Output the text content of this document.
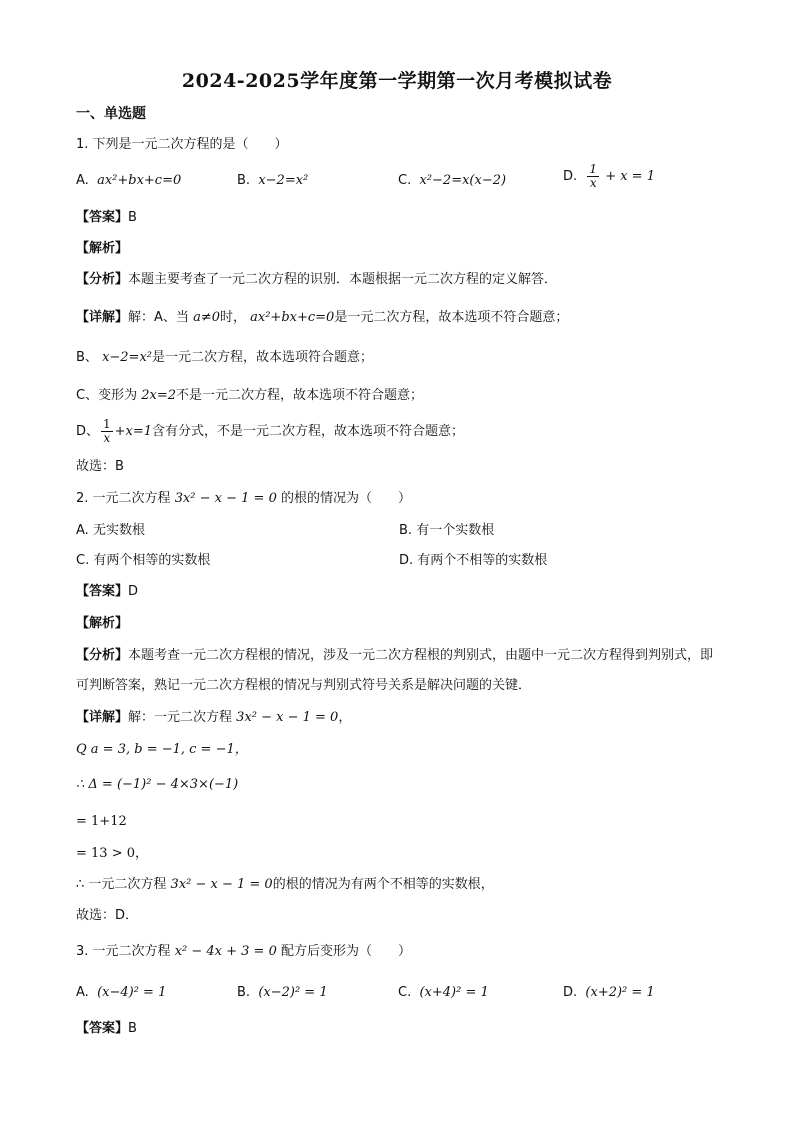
2024-2025学年度第一学期第一次月考模拟试卷
一、单选题
1. 下列是一元二次方程的是（　　）
A. ax²+bx+c=0	B. x−2=x²	C. x²−2=x(x−2)	D. $\frac{1}{x} + x = 1$
【答案】B
【解析】
【分析】本题主要考查了一元二次方程的识别．本题根据一元二次方程的定义解答．
【详解】解：A、当 a≠0时， ax²+bx+c=0是一元二次方程，故本选项不符合题意；
B、 x−2=x²是一元二次方程，故本选项符合题意；
C、变形为 2x=2不是一元二次方程，故本选项不符合题意；
D、 $\frac{1}{x} +x=1$含有分式，不是一元二次方程，故本选项不符合题意；
故选：B
2. 一元二次方程 3x² − x − 1 = 0 的根的情况为（　　）
A. 无实数根	B. 有一个实数根
C. 有两个相等的实数根	D. 有两个不相等的实数根
【答案】D
【解析】
【分析】本题考查一元二次方程根的情况，涉及一元二次方程根的判别式，由题中一元二次方程得到判别式，即可判断答案，熟记一元二次方程根的情况与判别式符号关系是解决问题的关键．
【详解】解：一元二次方程 3x² − x − 1 = 0，
Q a = 3, b = −1, c = −1，
∴ Δ = (−1)² − 4×3×(−1)
= 1+12
= 13 > 0，
∴ 一元二次方程 3x² − x − 1 = 0的根的情况为有两个不相等的实数根，
故选：D．
3. 一元二次方程 x² − 4x + 3 = 0 配方后变形为（　　）
A. (x−4)² = 1	B. (x−2)² = 1	C. (x+4)² = 1	D. (x+2)² = 1
【答案】B
